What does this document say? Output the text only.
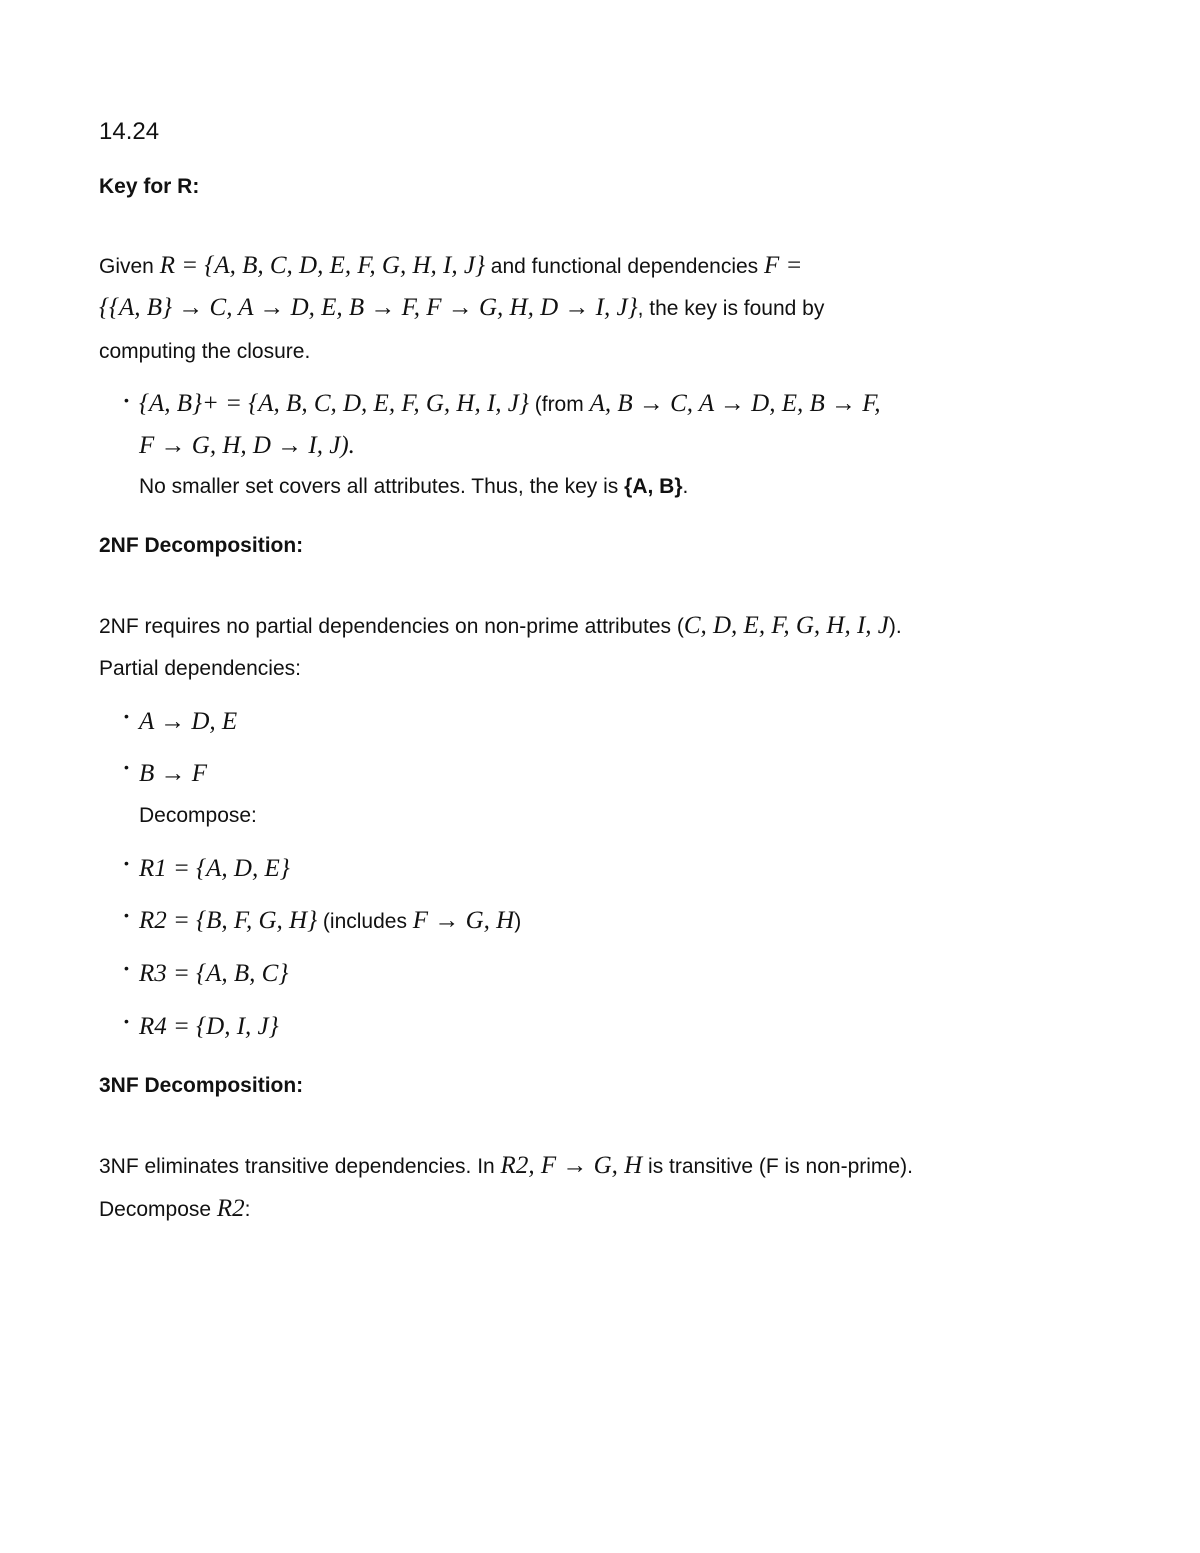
14.24
Key for R:
Given R = {A, B, C, D, E, F, G, H, I, J} and functional dependencies F =
{{A, B} → C, A → D, E, B → F, F → G, H, D → I, J}, the key is found by
computing the closure.
• {A, B}+ = {A, B, C, D, E, F, G, H, I, J} (from A, B → C, A → D, E, B → F,
F → G, H, D → I, J).
No smaller set covers all attributes. Thus, the key is {A, B}.
2NF Decomposition:
2NF requires no partial dependencies on non-prime attributes (C, D, E, F, G, H, I, J).
Partial dependencies:
• A → D, E
• B → F
Decompose:
• R1 = {A, D, E}
• R2 = {B, F, G, H} (includes F → G, H)
• R3 = {A, B, C}
• R4 = {D, I, J}
3NF Decomposition:
3NF eliminates transitive dependencies. In R2, F → G, H is transitive (F is non-prime).
Decompose R2:
